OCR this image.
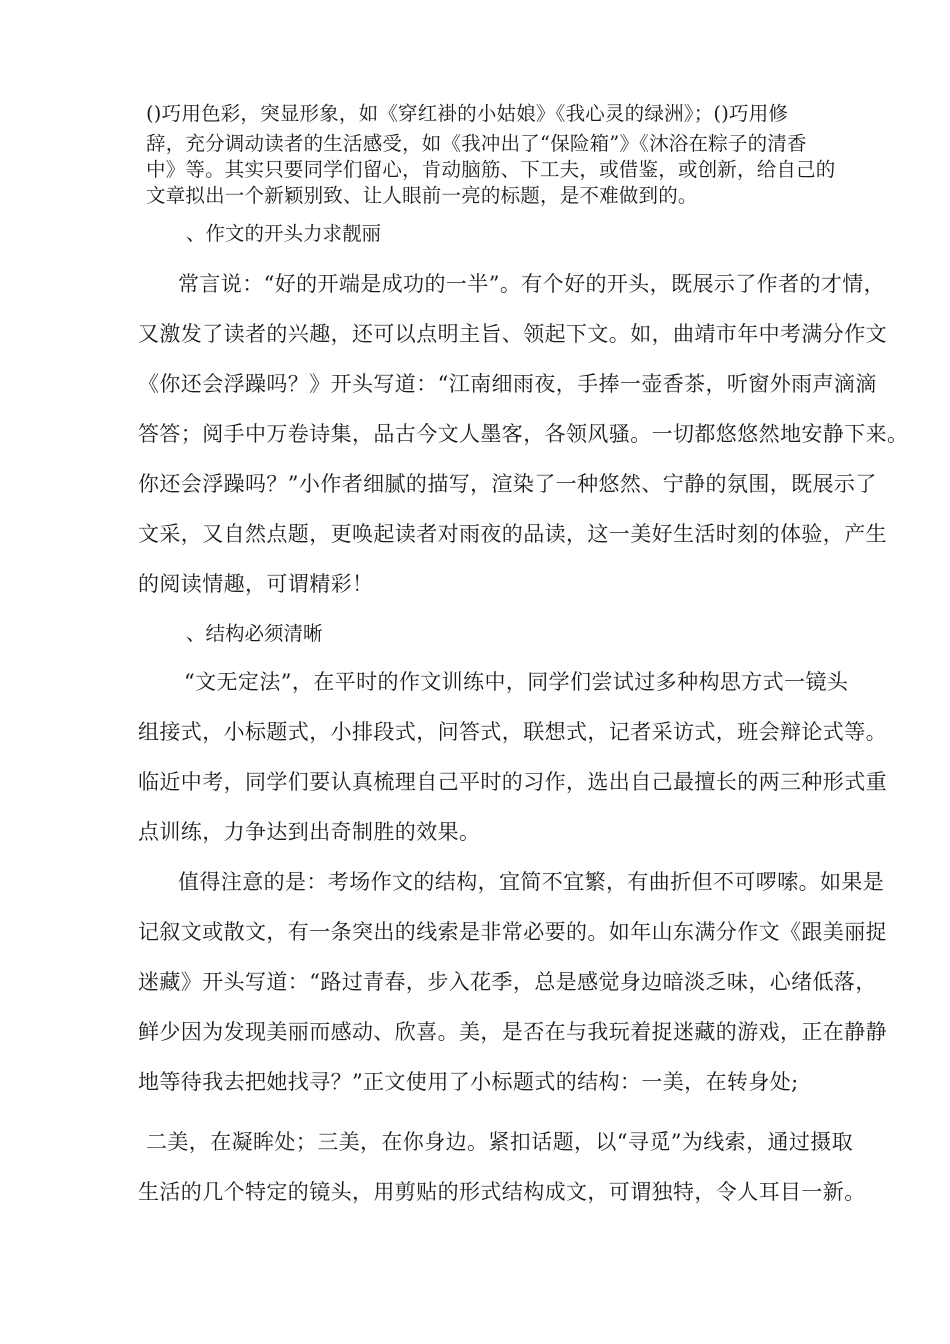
()巧用色彩，突显形象，如《穿红褂的小姑娘》《我心灵的绿洲》；()巧用修

辞，充分调动读者的生活感受，如《我冲出了“保险箱”》《沐浴在粽子的清香

中》等。其实只要同学们留心，肯动脑筋、下工夫，或借鉴，或创新，给自己的

文章拟出一个新颖别致、让人眼前一亮的标题，是不难做到的。

、作文的开头力求靓丽

常言说：“好的开端是成功的一半”。有个好的开头，既展示了作者的才情，

又激发了读者的兴趣，还可以点明主旨、领起下文。如，曲靖市年中考满分作文

《你还会浮躁吗？》开头写道：“江南细雨夜，手捧一壶香茶，听窗外雨声滴滴

答答；阅手中万卷诗集，品古今文人墨客，各领风骚。一切都悠悠然地安静下来。

你还会浮躁吗？”小作者细腻的描写，渲染了一种悠然、宁静的氛围，既展示了

文采，又自然点题，更唤起读者对雨夜的品读，这一美好生活时刻的体验，产生

的阅读情趣，可谓精彩！

、结构必须清晰

“文无定法”，在平时的作文训练中，同学们尝试过多种构思方式一镜头

组接式，小标题式，小排段式，问答式，联想式，记者采访式，班会辩论式等。

临近中考，同学们要认真梳理自己平时的习作，选出自己最擅长的两三种形式重

点训练，力争达到出奇制胜的效果。

值得注意的是：考场作文的结构，宜简不宜繁，有曲折但不可啰嗦。如果是

记叙文或散文，有一条突出的线索是非常必要的。如年山东满分作文《跟美丽捉

迷藏》开头写道：“路过青春，步入花季，总是感觉身边暗淡乏味，心绪低落，

鲜少因为发现美丽而感动、欣喜。美，是否在与我玩着捉迷藏的游戏，正在静静

地等待我去把她找寻？”正文使用了小标题式的结构：一美，在转身处;

二美，在凝眸处；三美，在你身边。紧扣话题，以“寻觅”为线索，通过摄取

生活的几个特定的镜头，用剪贴的形式结构成文，可谓独特，令人耳目一新。
